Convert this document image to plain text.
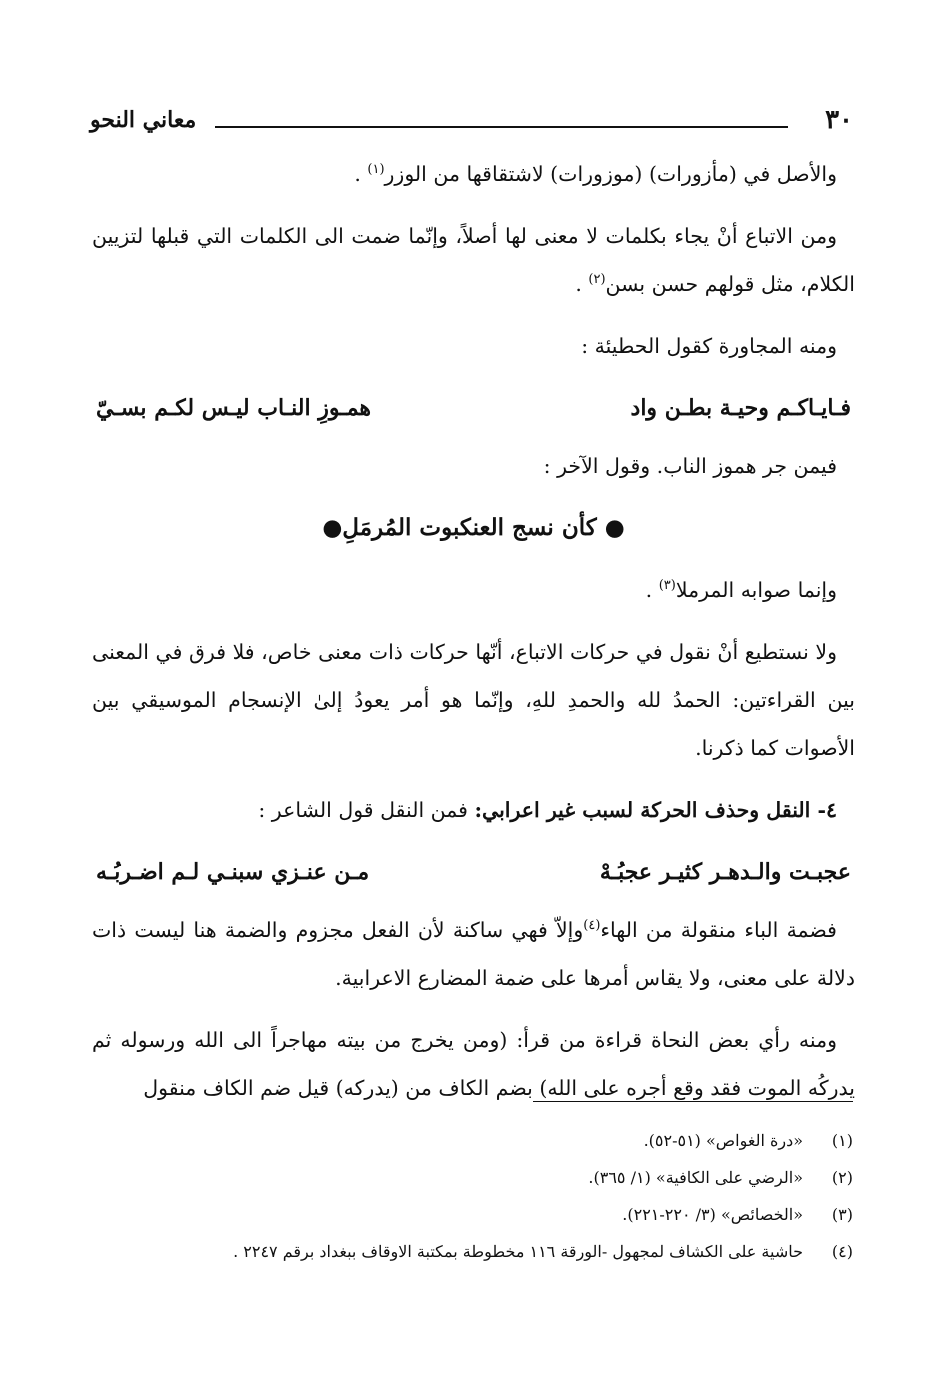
٣٠
معاني النحو

والأصل في (مأزورات) (موزورات) لاشتقاقها من الوزر$^{(١)}$ .

ومن الاتباع أنْ يجاء بكلمات لا معنى لها أصلاً، وإنّما ضمت الى الكلمات التي قبلها لتزيين الكلام، مثل قولهم حسن بسن$^{(٢)}$ .

ومنه المجاورة كقول الحطيئة :

فـايـاكـم وحيـة بطـن واد
همـوزِ النـاب ليـس لكـم بسـيّ

فيمن جر هموز الناب. وقول الآخر :

● كأن نسج العنكبوت المُرمَلِ●

وإنما صوابه المرملا$^{(٣)}$ .

ولا نستطيع أنْ نقول في حركات الاتباع، أنّها حركات ذات معنى خاص، فلا فرق في المعنى بين القراءتين: الحمدُ لله والحمدِ للهِ، وإنّما هو أمر يعودُ إلىٰ الإنسجام الموسيقي بين الأصوات كما ذكرنا.

٤- النقل وحذف الحركة لسبب غير اعرابي: فمن النقل قول الشاعر :

عجبـت والـدهـر كثيـر عجبُـهْ
مـن عنـزي سبنـي لـم اضـربُـه

فضمة الباء منقولة من الهاء$^{(٤)}$وإلاّ فهي ساكنة لأن الفعل مجزوم والضمة هنا ليست ذات دلالة على معنى، ولا يقاس أمرها على ضمة المضارع الاعرابية.

ومنه رأي بعض النحاة قراءة من قرأ: (ومن يخرج من بيته مهاجراً الى الله ورسوله ثم يدركُه الموت فقد وقع أجره على الله) بضم الكاف من (يدركه) قيل ضم الكاف منقول

(١)
«درة الغواص» (٥١-٥٢).
(٢)
«الرضي على الكافية» (١/ ٣٦٥).
(٣)
«الخصائص» (٣/ ٢٢٠-٢٢١).
(٤)
حاشية على الكشاف لمجهول -الورقة ١١٦ مخطوطة بمكتبة الاوقاف ببغداد برقم ٢٢٤٧ .
